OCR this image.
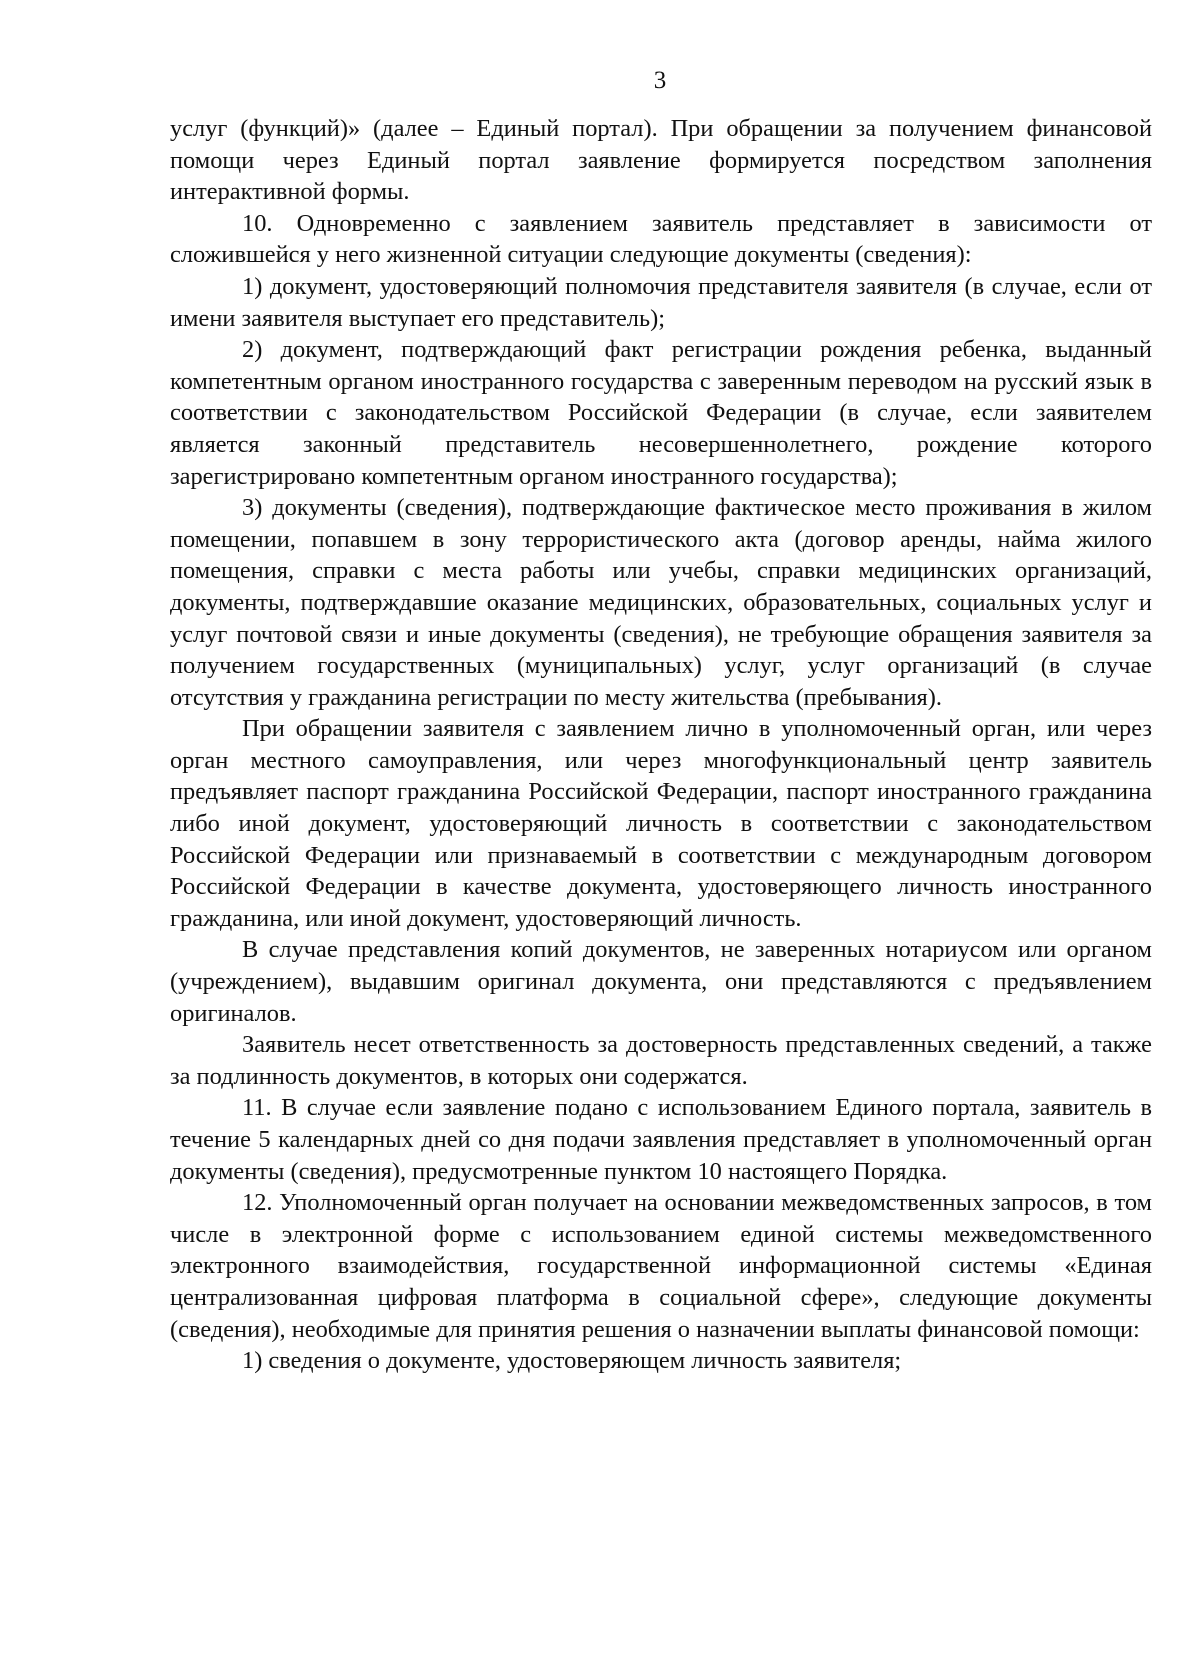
3

услуг (функций)» (далее – Единый портал). При обращении за получением финансовой помощи через Единый портал заявление формируется посредством заполнения интерактивной формы.

10. Одновременно с заявлением заявитель представляет в зависимости от сложившейся у него жизненной ситуации следующие документы (сведения):

1) документ, удостоверяющий полномочия представителя заявителя (в случае, если от имени заявителя выступает его представитель);

2) документ, подтверждающий факт регистрации рождения ребенка, выданный компетентным органом иностранного государства с заверенным переводом на русский язык в соответствии с законодательством Российской Федерации (в случае, если заявителем является законный представитель несовершеннолетнего, рождение которого зарегистрировано компетентным органом иностранного государства);

3) документы (сведения), подтверждающие фактическое место проживания в жилом помещении, попавшем в зону террористического акта (договор аренды, найма жилого помещения, справки с места работы или учебы, справки медицинских организаций, документы, подтверждавшие оказание медицинских, образовательных, социальных услуг и услуг почтовой связи и иные документы (сведения), не требующие обращения заявителя за получением государственных (муниципальных) услуг, услуг организаций (в случае отсутствия у гражданина регистрации по месту жительства (пребывания).

При обращении заявителя с заявлением лично в уполномоченный орган, или через орган местного самоуправления, или через многофункциональный центр заявитель предъявляет паспорт гражданина Российской Федерации, паспорт иностранного гражданина либо иной документ, удостоверяющий личность в соответствии с законодательством Российской Федерации или признаваемый в соответствии с международным договором Российской Федерации в качестве документа, удостоверяющего личность иностранного гражданина, или иной документ, удостоверяющий личность.

В случае представления копий документов, не заверенных нотариусом или органом (учреждением), выдавшим оригинал документа, они представляются с предъявлением оригиналов.

Заявитель несет ответственность за достоверность представленных сведений, а также за подлинность документов, в которых они содержатся.

11. В случае если заявление подано с использованием Единого портала, заявитель в течение 5 календарных дней со дня подачи заявления представляет в уполномоченный орган документы (сведения), предусмотренные пунктом 10 настоящего Порядка.

12. Уполномоченный орган получает на основании межведомственных запросов, в том числе в электронной форме с использованием единой системы межведомственного электронного взаимодействия, государственной информационной системы «Единая централизованная цифровая платформа в социальной сфере», следующие документы (сведения), необходимые для принятия решения о назначении выплаты финансовой помощи:

1) сведения о документе, удостоверяющем личность заявителя;
